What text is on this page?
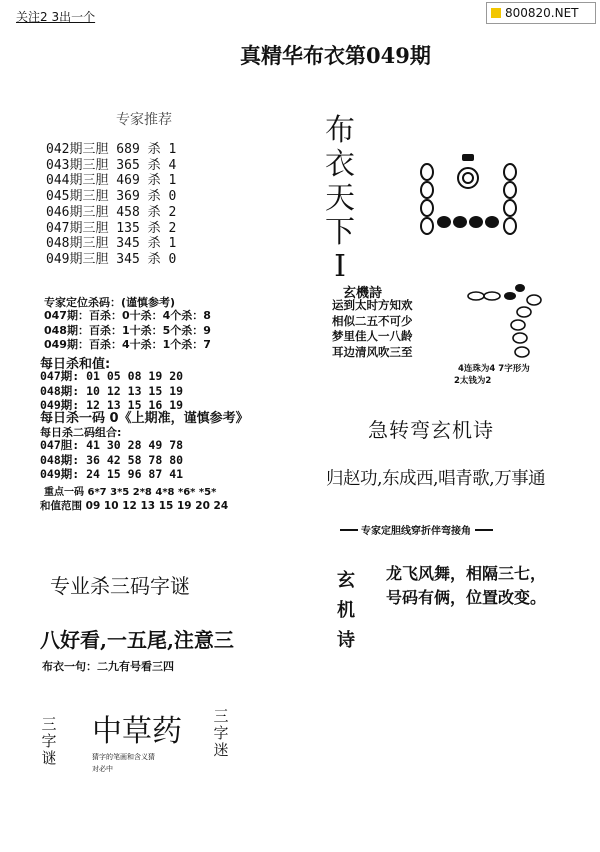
800820.NET
关注2 3出一个
真精华布衣第049期
专家推荐
042期三胆 689 杀 1
043期三胆 365 杀 4
044期三胆 469 杀 1
045期三胆 369 杀 0
046期三胆 458 杀 2
047期三胆 135 杀 2
048期三胆 345 杀 1
049期三胆 345 杀 0
专家定位杀码：(谨慎参考)
047期：百杀：0十杀：4个杀：8
048期：百杀：1十杀：5个杀：9
049期：百杀：4十杀：1个杀：7
每日杀和值:
047期: 01 05 08 19 20
048期: 10 12 13 15 19
049期: 12 13 15 16 19
每日杀一码 0《上期准，谨慎参考》
每日杀二码组合:
047胆: 41 30 28 49 78
048期: 36 42 58 78 80
049期: 24 15 96 87 41
重点一码 6*7 3*5 2*8 4*8 *6* *5*
和值范围 09 10 12 13 15 19 20 24
专业杀三码字谜
八好看,一五尾,注意三
布衣一句：二九有号看三四
三字谜
中草药 三字迷
猜字的笔画和含义猜
对必中
布衣天下I
玄機詩
运到太时方知欢
相似二五不可少
梦里佳人一八龄
耳边清风吹三至
4连珠为4 7字形为
2太钱为2
急转弯玄机诗
归赵功,东成西,唱青歌,万事通
专家定胆线穿折伴弯接角
玄机诗
龙飞风舞，相隔三七，
号码有俩，位置改变。
